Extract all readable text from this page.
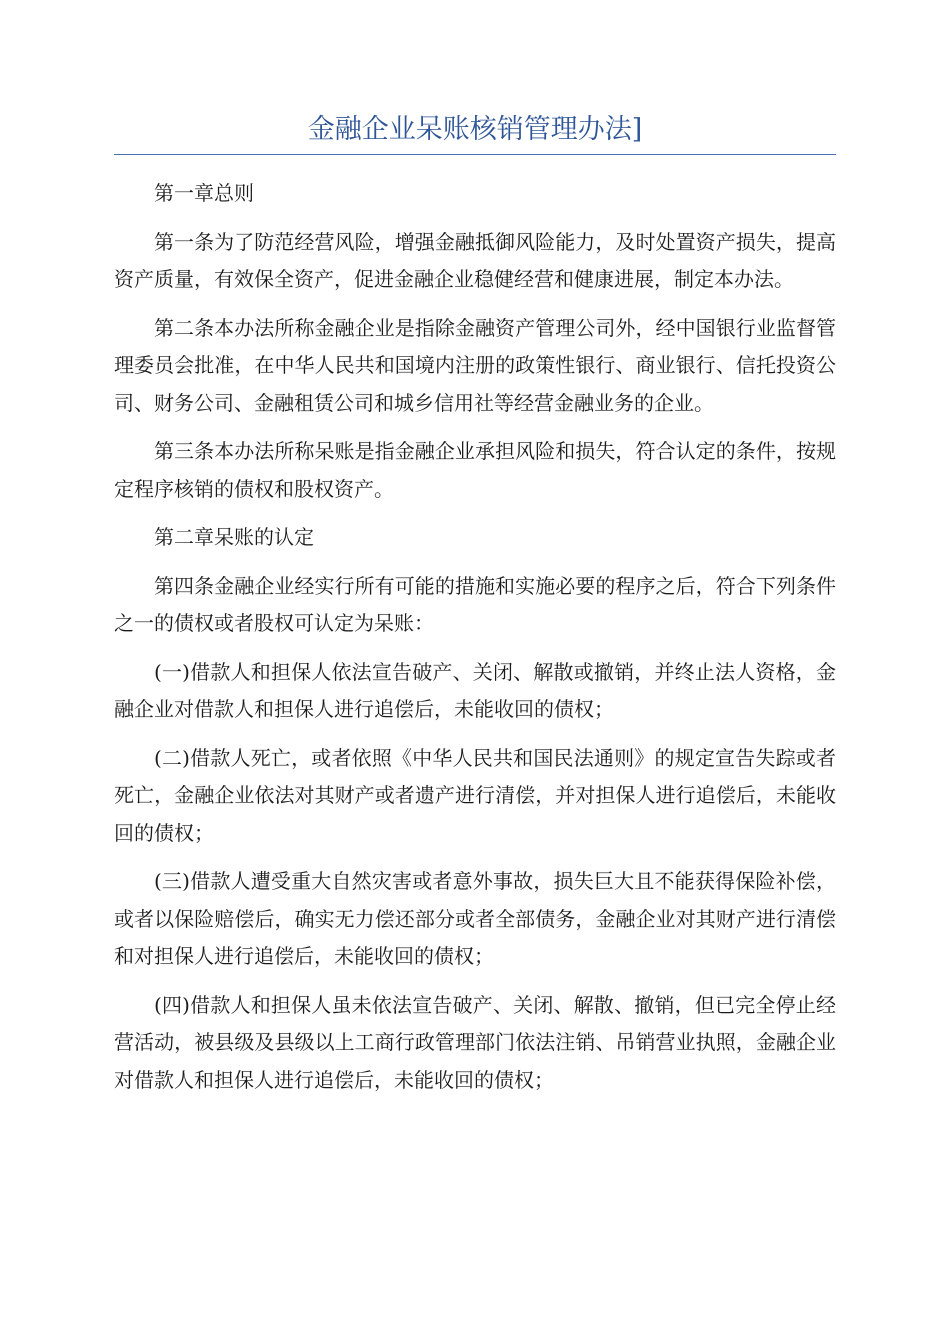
金融企业呆账核销管理办法]

第一章总则

第一条为了防范经营风险，增强金融抵御风险能力，及时处置资产损失，提高资产质量，有效保全资产，促进金融企业稳健经营和健康进展，制定本办法。

第二条本办法所称金融企业是指除金融资产管理公司外，经中国银行业监督管理委员会批准，在中华人民共和国境内注册的政策性银行、商业银行、信托投资公司、财务公司、金融租赁公司和城乡信用社等经营金融业务的企业。

第三条本办法所称呆账是指金融企业承担风险和损失，符合认定的条件，按规定程序核销的债权和股权资产。

第二章呆账的认定

第四条金融企业经实行所有可能的措施和实施必要的程序之后，符合下列条件之一的债权或者股权可认定为呆账：

(一)借款人和担保人依法宣告破产、关闭、解散或撤销，并终止法人资格，金融企业对借款人和担保人进行追偿后，未能收回的债权；

(二)借款人死亡，或者依照《中华人民共和国民法通则》的规定宣告失踪或者死亡，金融企业依法对其财产或者遗产进行清偿，并对担保人进行追偿后，未能收回的债权；

(三)借款人遭受重大自然灾害或者意外事故，损失巨大且不能获得保险补偿，或者以保险赔偿后，确实无力偿还部分或者全部债务，金融企业对其财产进行清偿和对担保人进行追偿后，未能收回的债权；

(四)借款人和担保人虽未依法宣告破产、关闭、解散、撤销，但已完全停止经营活动，被县级及县级以上工商行政管理部门依法注销、吊销营业执照，金融企业对借款人和担保人进行追偿后，未能收回的债权；
